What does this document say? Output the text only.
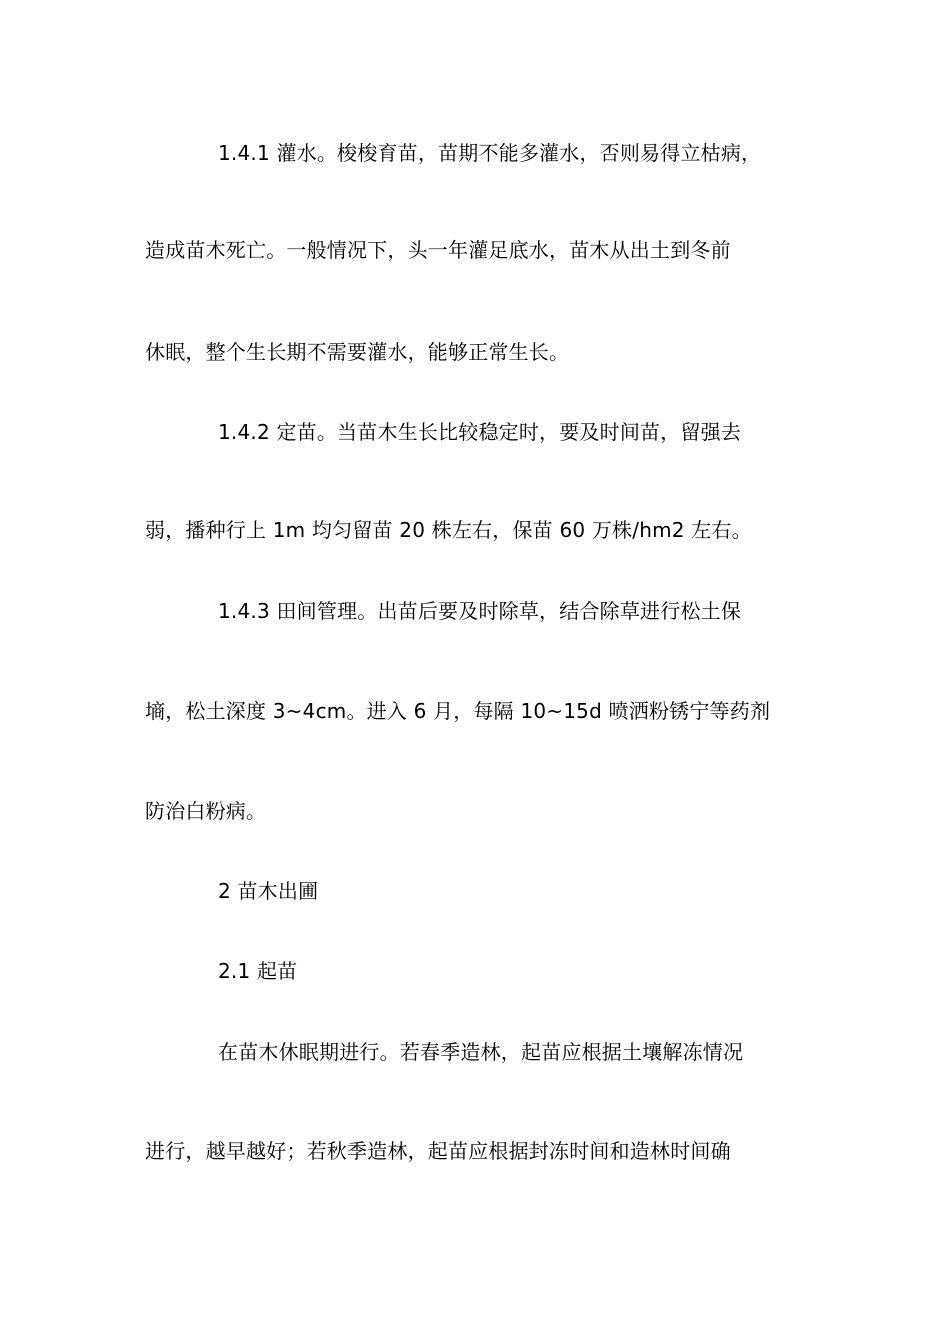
1.4.1 灌水。梭梭育苗，苗期不能多灌水，否则易得立枯病，
造成苗木死亡。一般情况下，头一年灌足底水，苗木从出土到冬前
休眠，整个生长期不需要灌水，能够正常生长。
1.4.2 定苗。当苗木生长比较稳定时，要及时间苗，留强去
弱，播种行上 1m 均匀留苗 20 株左右，保苗 60 万株/hm2 左右。
1.4.3 田间管理。出苗后要及时除草，结合除草进行松土保
墒，松土深度 3~4cm。进入 6 月，每隔 10~15d 喷洒粉锈宁等药剂
防治白粉病。
2 苗木出圃
2.1 起苗
在苗木休眠期进行。若春季造林，起苗应根据土壤解冻情况
进行，越早越好；若秋季造林，起苗应根据封冻时间和造林时间确
